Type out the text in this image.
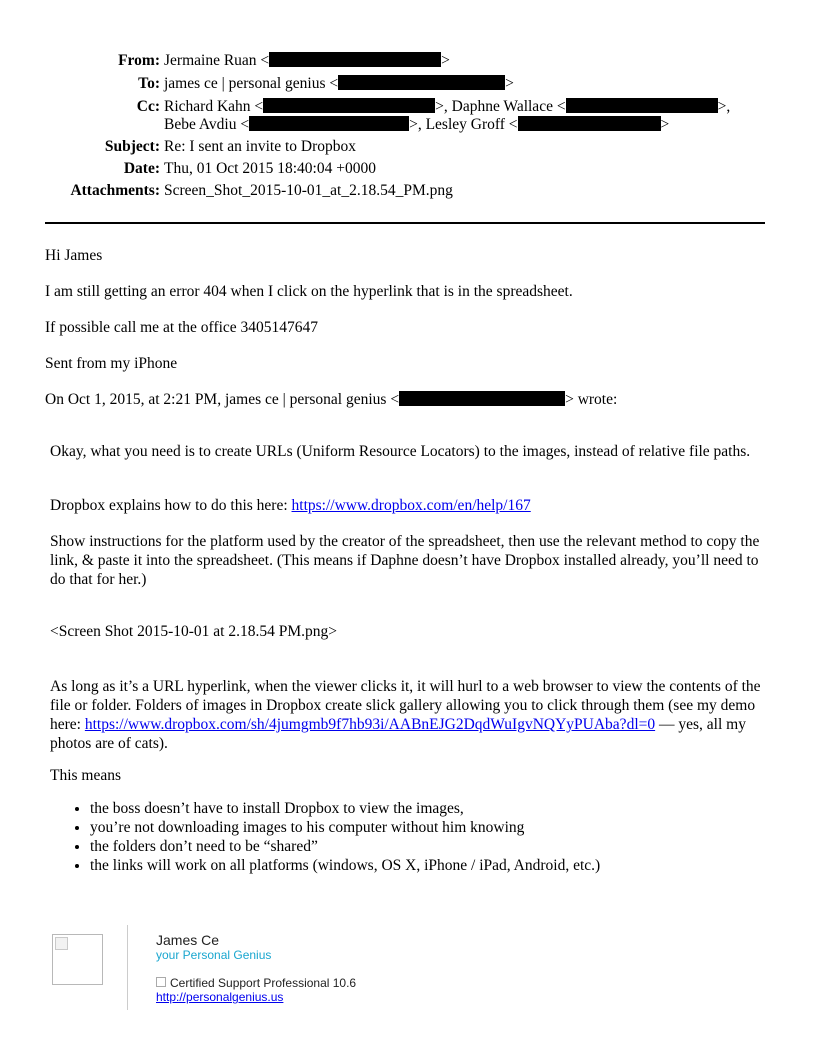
From: Jermaine Ruan <	>
To: james ce | personal genius <	>
Cc: Richard Kahn <	>, Daphne Wallace <	>,
Bebe Avdiu <	>, Lesley Groff <	>
Subject: Re: I sent an invite to Dropbox
Date: Thu, 01 Oct 2015 18:40:04 +0000
Attachments: Screen_Shot_2015-10-01_at_2.18.54_PM.png
Hi James
I am still getting an error 404 when I click on the hyperlink that is in the spreadsheet.
If possible call me at the office 3405147647
Sent from my iPhone
On Oct 1, 2015, at 2:21 PM, james ce | personal genius <	> wrote:
Okay, what you need is to create URLs (Uniform Resource Locators) to the images, instead of relative file paths.
Dropbox explains how to do this here: https://www.dropbox.com/en/help/167
Show instructions for the platform used by the creator of the spreadsheet, then use the relevant method to copy the link, & paste it into the spreadsheet. (This means if Daphne doesn’t have Dropbox installed already, you’ll need to do that for her.)
<Screen Shot 2015-10-01 at 2.18.54 PM.png>
As long as it’s a URL hyperlink, when the viewer clicks it, it will hurl to a web browser to view the contents of the file or folder. Folders of images in Dropbox create slick gallery allowing you to click through them (see my demo here: https://www.dropbox.com/sh/4jumgmb9f7hb93i/AABnEJG2DqdWuIgvNQYyPUAba?dl=0 — yes, all my photos are of cats).
This means
• the boss doesn’t have to install Dropbox to view the images,
• you’re not downloading images to his computer without him knowing
• the folders don’t need to be “shared”
• the links will work on all platforms (windows, OS X, iPhone / iPad, Android, etc.)
James Ce
your Personal Genius
Certified Support Professional 10.6
http://personalgenius.us
